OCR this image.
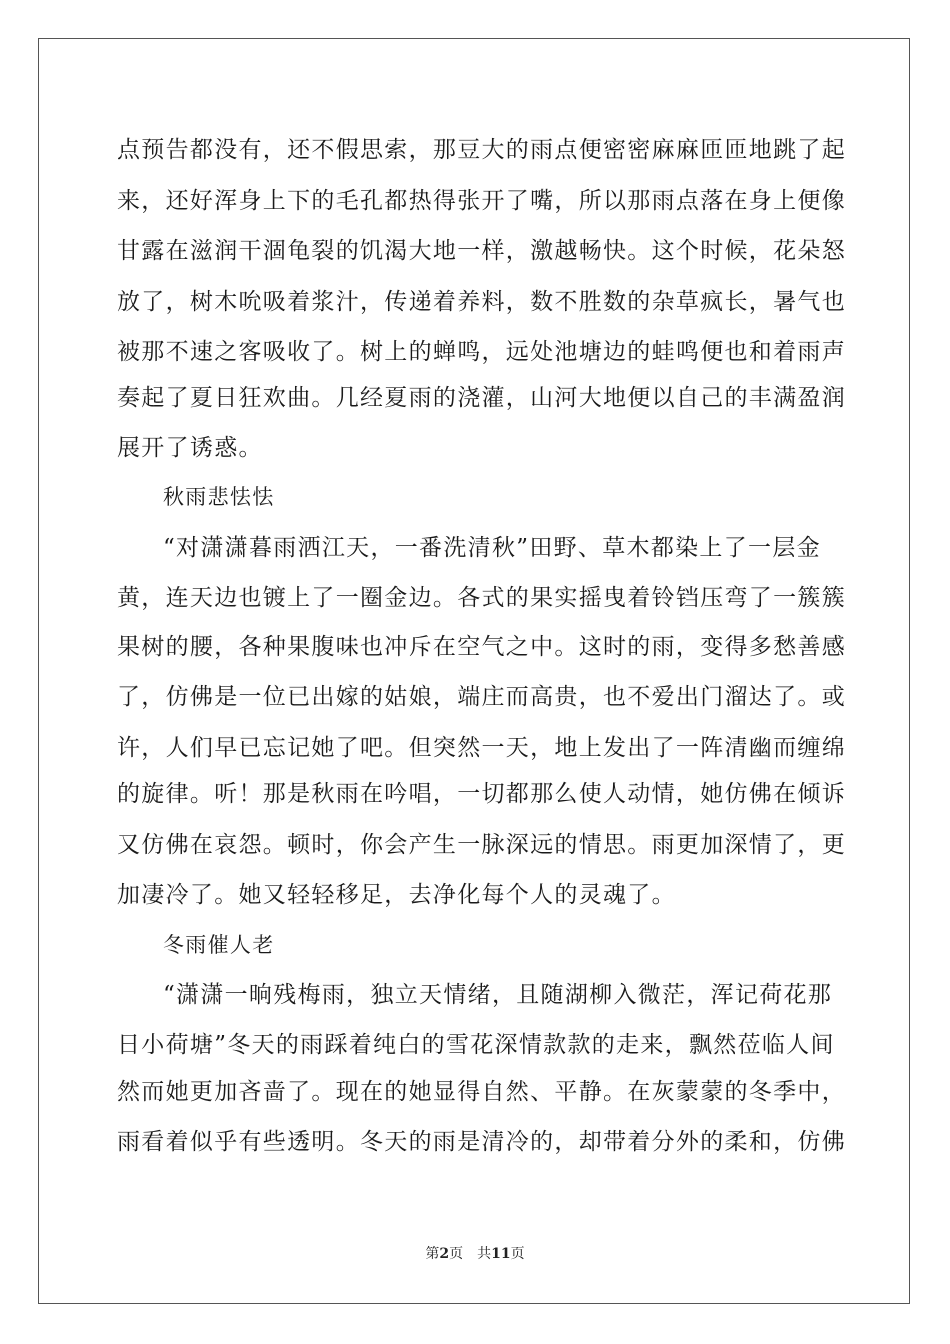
点预告都没有，还不假思索，那豆大的雨点便密密麻麻匝匝地跳了起

来，还好浑身上下的毛孔都热得张开了嘴，所以那雨点落在身上便像

甘露在滋润干涸龟裂的饥渴大地一样，激越畅快。这个时候，花朵怒

放了，树木吮吸着浆汁，传递着养料，数不胜数的杂草疯长，暑气也

被那不速之客吸收了。树上的蝉鸣，远处池塘边的蛙鸣便也和着雨声

奏起了夏日狂欢曲。几经夏雨的浇灌，山河大地便以自己的丰满盈润

展开了诱惑。

秋雨悲怯怯

“对潇潇暮雨洒江天，一番洗清秋”田野、草木都染上了一层金

黄，连天边也镀上了一圈金边。各式的果实摇曳着铃铛压弯了一簇簇

果树的腰，各种果腹味也冲斥在空气之中。这时的雨，变得多愁善感

了，仿佛是一位已出嫁的姑娘，端庄而高贵，也不爱出门溜达了。或

许，人们早已忘记她了吧。但突然一天，地上发出了一阵清幽而缠绵

的旋律。听！那是秋雨在吟唱，一切都那么使人动情，她仿佛在倾诉

又仿佛在哀怨。顿时，你会产生一脉深远的情思。雨更加深情了，更

加凄冷了。她又轻轻移足，去净化每个人的灵魂了。

冬雨催人老

“潇潇一晌残梅雨，独立天情绪，且随湖柳入微茫，浑记荷花那

日小荷塘”冬天的雨踩着纯白的雪花深情款款的走来，飘然莅临人间

然而她更加吝啬了。现在的她显得自然、平静。在灰蒙蒙的冬季中，

雨看着似乎有些透明。冬天的雨是清冷的，却带着分外的柔和，仿佛

第2页 共11页
